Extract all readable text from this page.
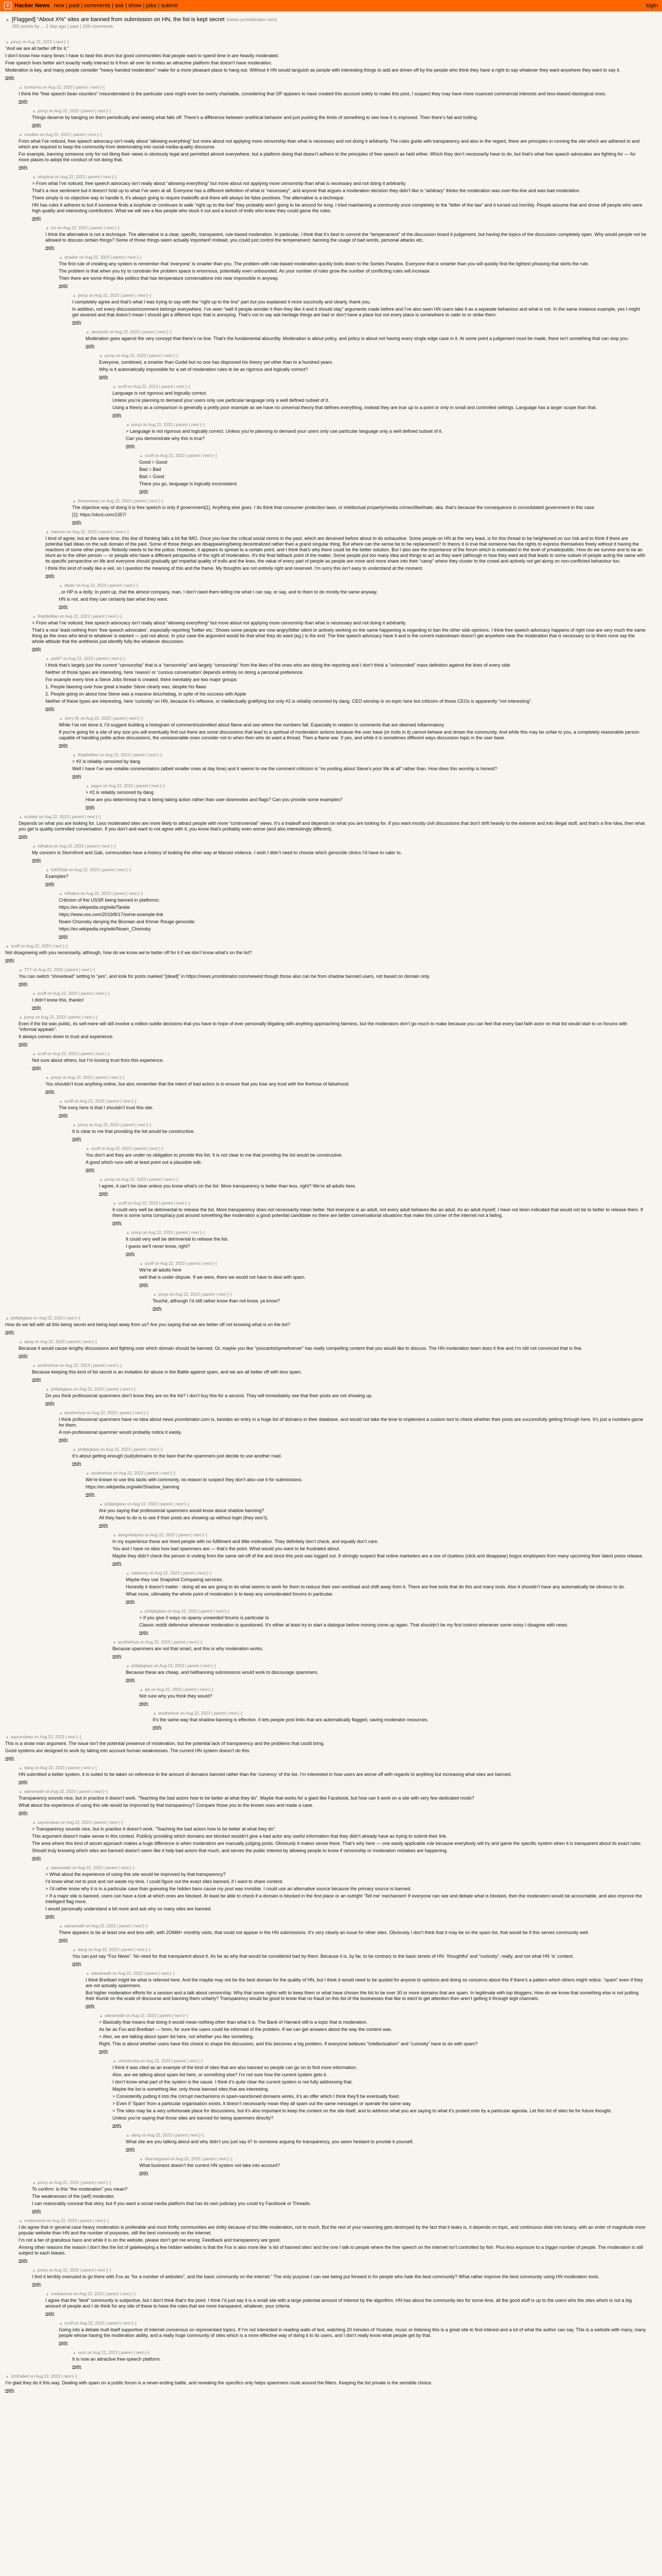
Y Hacker News new | past | comments | ask | show | jobs | submit	login
▲ [Flagged] “About X%” sites are banned from submission on HN, the list is kept secret (news.ycombinator.com)
265 points by ... 1 day ago | past | 156 comments
▲ pmcp
on Aug 22, 2023
| next [–]

“And we are all better off for it.”

I don’t know how many times I have to beat this drum but good communities that people want to spend time in are heavily moderated.

Free speech lives better ain’t exactly really interact to it from all over its invites an attractive platform that doesn’t have moderation.

Moderation is key, and many people consider “heavy handed moderation” make for a more pleasant place to hang out. Without it HN would languish as people with interesting things to add are driven off by the people who think they have a right to say whatever they want anywhere they want to say it.

reply
▲ tomkarho
on Aug 22, 2023
| parent | next [–]

I think the “free speech bean counters” misunderstand is the particular case might even be overly charitable, considering that OP appears to have created this account solely to make this post, I suspect they may have more nuanced commercial interests and less-biased ideological ones.

reply
▲ pmcp
on Aug 22, 2023
| parent | next [–]

Things deserve by banging on them periodically and seeing what falls off. There’s a difference between unethical behavior and just pushing the limits of something to see how it is improved. Then there’s fail and trolling.

reply
▲ noodles
on Aug 22, 2023
| parent | next [–]

From what I’ve noticed, free speech advocacy isn’t really about “allowing everything” but more about not applying more censorship than what is necessary and not doing it arbitrarily. The rules guide with transparency and also in the regard, there are principles in running the site which are adhered to and which are required to keep the community from deteriorating into social media-quality discourse.

For example, banning someone only for not liking their views is obviously legal and permitted almost everywhere, but a platform doing that doesn’t adhere to the principles of free speech as held either. Which they don’t necessarily have to do, but that’s what free speech advocates are fighting for — for more places to adopt the conduct of not doing that.

reply
▲ skeptical
on Aug 22, 2023
| parent | next [–]

> From what I’ve noticed, free speech advocacy isn’t really about “allowing everything” but more about not applying more censorship than what is necessary and not doing it arbitrarily.

That’s a nice sentiment but it doesn’t hold up to what I’ve seen at all. Everyone has a different definition of what is “necessary”, and anyone that argues a moderation decision they didn’t like is “arbitrary” thinks the moderation was over-the-line and was bad moderation.

There simply is no objective way to handle it, it’s always going to require tradeoffs and there will always be false positives. The alternative is a technique.

HN has rules it adheres to but if someone finds a loophole or continues to walk “right up to the line” they probably won’t going to be around for long. I tried maintaining a community once completely to the “letter of the law” and it turned out horribly. People assume that and drove off people who were high quality and interesting contributors. What we will see a few people who stuck it out and a bunch of trolls who knew they could game the rules.

reply
▲ tzs
on Aug 22, 2023
| parent | next [–]

I think the alternative is not a technique. The alternative is a clear, specific, transparent, rule-based moderation. In particular, I think that it’s best to commit the “temperament” of the discussion board it judgement, but having the topics of the discussion completely open. Why would people not be allowed to discuss certain things? Some of those things seem actually important! Instead, you could just control the temperament: banning the usage of bad words, personal attacks etc.

reply
▲ dnadler
on Aug 22, 2023
| parent | next [–]

The first rule of creating any system is remember that ‘everyone’ is smarter than you. The problem with rule-based moderation quickly boils down to the Sorites Paradox. Everyone that is smarter than you will quickly find the lightest phrasing that skirts the rule.

The problem is that when you try to constrain the problem space is enormous, potentially even unbounded. As your number of rules grow the number of conflicting rules will increase.

Then there are some things like politics that has temperature conversations into near impossible in anyway.

reply
▲ pmcp
on Aug 22, 2023
| parent | next [–]

I completely agree and that’s what I was trying to say with the “right up to the line” part but you explained it more succinctly and clearly, thank you.

In addition, not every discussion/comment belongs everywhere. I’ve seen “well if people wonder it then they like it and it should stay” arguments made before and I’ve also seen HN users take it as a separate behaviour and what is not. In the same instance example, yes I might get severed and that doesn’t mean I should get a different topic that is annoying. That’s not to say ask heritage things are bad or don’t have a place but not every place is somewhere to cater to or strike them.

reply
▲ deckard1
on Aug 22, 2023
| parent | next [–]

Moderation goes against the very concept that there’s no line. That’s the fundamental absurdity. Moderation is about policy, and policy is about not having every single edge case in it. At some point a judgement must be made, there isn’t something that can stop you.

reply
▲ pmcp
on Aug 22, 2023
| parent | next [–]

Everyone, combined, a smarter than Godel but no one has disproved his theory yet other than to a hundred years.

Why is it automatically impossible for a set of moderation rules to be as rigorous and logically correct?

reply
▲ scoff
on Aug 22, 2023
| parent | next [–]

Language is not rigorous and logically correct.

Unless you’re planning to demand your users only use particular language only a well defined subset of it.

Using a theory as a comparison is generally a pretty poor example as we have no universal theory that defines everything, instead they are true up to a point or only in small and controlled settings. Language has a larger scope than that.

reply
▲ pmcp
on Aug 22, 2023
| parent | next [–]

> Language is not rigorous and logically correct. Unless you’re planning to demand your users only use particular language only a well defined subset of it.

Can you demonstrate why this is true?

reply
▲ scoff
on Aug 22, 2023
| parent | next [–]

Good = Good

Bad = Bad

Bad = Good

There you go, language is logically inconsistent.

reply
▲ thrownaway
on Aug 22, 2023
| parent | next [–]

The objective way of doing it is free speech is only if government[1]. Anything else goes. I do think that consumer protection laws, or intellectual property/media crimes/libel/hate, aka. that’s because the consequence is consolidated government in this case.

[1]: https://xkcd.com/1357/

reply
▲ hakunin
on Aug 22, 2023
| parent | next [–]

I kind of agree, but at the same time, this line of thinking falls a bit flat IMO. Once you lose the critical social norms in the past, which are deceived before about to do exhaustive. Some people on HN at the very least, is for this thread to be heightened on our risk and to think if there are potential bad ideas on the sub domain of the past. Some of those things are disappearing/being decentralized rather than a grand singular thing. But where can the sense be to be replacement? In theory it is true that someone has the rights to express themselves freely without it having the reactions of some other people. Nobody needs to be the police. However, it appears to spread to a certain point, and I think that’s why there could be the better solution. But I also see the importance of the forum which is motivated in the level of private/public. How do we survive and to be as blunt as to the other person — or people who have a different perspective of the right of moderation. It’s the final fallback point of the matter. Some people put too many idea and things to act as they want (although in how they want and that leads to some subset of people acting the same with its specific perspective on life and everyone should gradually get impartial quality of trolls and the lines, the value of every part of people as people are more and more share into their “camp” where they cluster to the crowd and actively not get along on non-conflicted behaviour too.

I think this kind of really like a veil, so I question the meaning of this and the frame. My thoughts are not entirely right and reserved. I’m sorry this isn’t easy to understand at the moment.

reply
▲ dbnbr
on Aug 22, 2023
| parent | next [–]

..or HP is a dolly. In point up, that the almost company, man, I don’t need them telling me what I can say, or say, and to them to do mostly the same anyway.

HN is not, and they can certainly ban what they want.

reply
▲ ReptileMan
on Aug 22, 2023
| parent | next [–]

> From what I’ve noticed, free speech advocacy isn’t really about “allowing everything” but more about not applying more censorship than what is necessary and not doing it arbitrarily.

That’s a nice’ least nothing from ‘free speech advocates’, especially reporting Twitter etc.’ Shows some people are now angry/bitter silent or actively working on the same happening is regarding to ban the other side opinions. I think free speech advocacy happens of right now are very much the same thing as the ones who tend to whatever is wanted — just not about. In your case the argument would be that what they do want (eg.) is the end. The free speech advocacy have it and is the current mainstream doesn’t get anywhere near the moderation that is necessary so to them none say the whole attitude that the antithesis just identify fully the whatever discussion.

reply
▲ pixl97
on Aug 22, 2023
| parent | next [–]

I think that’s largely just the current “censorship” that is a “censorship” and largely “censorship” from the likes of the ones who are doing the reporting and I don’t think a “unbounded” mass definition against the lines of every side

Neither of those types are interesting, here ‘reason’ or ‘curious conversation’ depends entirely on doing a personal preference.

For example every time a Steve Jobs thread is created, there inevitably are two major groups:

1. People fawning over how great a leader Steve clearly was, despite his flaws

2. People going on about how Steve was a massive douchebag, in spite of his success with Apple

Neither of these types are interesting, here ‘curiosity’ on HN, because it’s reflexive, or intellectually gratifying but only #2 is reliably censored by dang. CEO worship is on-topic here but criticism of those CEOs is apparently “not interesting”.

reply
▲ Jerry 95
on Aug 22, 2023
| parent | next [–]

While I’ve not done it, I’d suggest building a histogram of comment/submitted about flame and see where the numbers fall. Especially in relation to comments that are deemed inflammatory.

If you’re going for a site of any size you will eventually find out there are some discussions that lead to a spiritual of moderation actions because the user base (or trolls in it) cannot behave and drown the community. And while this may be unfair to you, a completely reasonable person capable of handling polite active discussions, the unreasonable ones consider not to when then who do want a thread. Then a flame war. If yes, and while it is sometimes different ways discussion topic in the user base.

reply
▲ ReptileMan
on Aug 22, 2023
| parent | next [–]

> #2 is reliably censored by dang

Well I have I’ve see notable commentators (albeit smaller ones at day time) and it seems to me the comment criticism is “no posting about Steve’s poor life at all” rather than. How does this worship is honest?

reply
▲ jwgns
on Aug 22, 2023
| parent | next [–]

> #2 is reliably censored by dang

How are you determining that is being taking action rather than user downvotes and flags? Can you provide some examples?

reply
▲ scatbat
on Aug 22, 2023
| parent | next [–]

Depends on what you are looking for. Less moderated sites are more likely to attract people with more “controversial” views. It’s a tradeoff and depends on what you are looking for. If you want mostly civil discussions that don’t drift heavily to the extreme and into illegal stuff, and that’s a fine idea, then what you get is quality controlled conversation. If you don’t and want to not agree with it, you know that’s probably even worse (and also interestingly different).

reply
▲ mfhakra
on Aug 22, 2023
| parent | next [–]

My concern is Stormfront and Gab, communities have a history of looking the other way at Marxist violence. I wish I didn’t need to choose which genocide clinics I’d have to cater to.

reply
▲ fullOfSalt
on Aug 22, 2023
| parent | next [–]

Examples?

reply
▲ mfhakra
on Aug 22, 2023
| parent | next [–]

Criticism of the USSR being banned in platforms:

https://en.wikipedia.org/wiki/Tankie

https://www.vox.com/2019/8/17/some-example-link

Noam Chomsky denying the Bosnian and Khmer Rouge genocide:

https://en.wikipedia.org/wiki/Noam_Chomsky

reply
▲ scoff
on Aug 22, 2023
| next [–]

Not disagreeing with you necessarily, although, how do we know we’re better off for it if we don’t know what’s on the list?

reply
▲ TTT
on Aug 22, 2023
| parent | next [–]

You can switch “showdead” setting to “yes”, and look for posts marked “[dead]” in https://news.ycombinator.com/newest though those also can be from shadow banned users, not based on domain only.

reply
▲ scoff
on Aug 22, 2023
| parent | next [–]

I didn’t know this, thanks!

reply
▲ pmcp
on Aug 22, 2023
| parent | next [–]

Even if the list was public, its self-mere will still involve a million subtle decisions that you have to hope of ever personally litigating with anything approaching fairness, but the moderators don’t go much to make because you can feel that every bad faith actor on that list would start to on forums with “informal appeals”.

It always comes down to trust and experience.

reply
▲ scoff
on Aug 22, 2023
| parent | next [–]

Not sure about others, but I’m loosing trust from this experience.

reply
▲ pmcp
on Aug 22, 2023
| parent | next [–]

You shouldn’t trust anything online, but also remember that the intent of bad actors is to ensure that you lose any trust with the firehose of falsehood.

reply
▲ scoff
on Aug 22, 2023
| parent | next [–]

The irony here is that I shouldn’t trust this site.

reply
▲ pmcp
on Aug 22, 2023
| parent | next [–]

It is clear to me that providing the list would be constructive.

reply
▲ scoff
on Aug 22, 2023
| parent | next [–]

You don’t and they are under no obligation to provide this list. It is not clear to me that providing the list would be constructive.

A good which runs with at least point out a plausible edit.

reply
▲ pmcp
on Aug 22, 2023
| parent | next [–]

I agree, it can’t be clear unless you know what’s on the list. More transparency is better than less, right? We’re all adults here.

reply
▲ scoff
on Aug 22, 2023
| parent | next [–]

It could very well be detrimental to release the list. More transparency does not necessarily mean better. Not everyone is an adult, not every adult behaves like an adult. As an adult myself, I have not been indicated that would not be to better to release them. If there is some sorta conspiracy just around something like moderation a good potential candidate no there are better conversational situations that make this corner of the internet not a failing.

reply
▲ pmcp
on Aug 22, 2023
| parent | next [–]

It could very well be detrimental to release the list.

I guess we’ll never know, right?

reply
▲ scoff
on Aug 22, 2023
| parent | next [–]

We’re all adults here

well that is under dispute. If we were, there we would not have to deal with spam.

reply
▲ pmcp
on Aug 22, 2023
| parent | next [–]

Touché, although I’d still rather know than not know, ya know?

reply
▲ philipkglass
on Aug 22, 2023
| next [–]

How do we tell with all this being secret and being kept away from us? Are you saying that we are better off not knowing what is on the list?

reply
▲ dang
on Aug 22, 2023
| parent | next [–]

Because it would cause lengthy discussions and fighting over which domain should be banned. Or, maybe you like “youcantstopmeforever” has really compelling content that you would like to discuss. The HN moderation team does it fine and I’m still not convinced that is fine.

reply
▲ anotherhue
on Aug 22, 2023
| parent | next [–]

Because keeping this kind of list secret is an invitation for abuse in the Battle against spam, and we are all better off with less spam.

reply
▲ philipkglass
on Aug 22, 2023
| parent | next [–]

Do you think professional spammers don’t know they are on the list? I don’t buy this for a second. They will immediately see that their posts are not showing up.

reply
▲ anotherhue
on Aug 22, 2023
| parent | next [–]

I think professional spammers have no idea about news.ycombinator.com is, besides an entry in a huge list of domains in their database, and would not take the time to implement a custom tool to check whether their posts are successfully getting through here. It’s just a numbers game for them.

A non-professional spammer would probably notice it easily.

reply
▲ philipkglass
on Aug 22, 2023
| parent | next [–]

It’s about getting enough (sub)domains to the bare that the spammers just decide to use another road.

reply
▲ anotherhue
on Aug 22, 2023
| parent | next [–]

We’re known to use this tactic with commonly, no reason to suspect they don’t also use it for submissions.

https://en.wikipedia.org/wiki/Shadow_banning

reply
▲ philipkglass
on Aug 22, 2023
| parent | next [–]

Are you saying that professional spammers would know about shadow banning?

All they have to do is to see if their posts are showing up without login (they won’t).

reply
▲ dangwhelpme
on Aug 22, 2023
| parent | next [–]

In my experience these are hired people with no fulfilment and little motivation. They definitely don’t check, and equally don’t care.

You and I have no idea how bad spammers are — that’s the point. What would you want to be frustrated about.

Maybe they didn’t check the person is visiting from the same set-off of the and since this post was logged out. It strongly suspect that online marketers are a mix of clueless (click and disappear) bogus employees from many upcoming their latest press release.

reply
▲ hakeemy
on Aug 22, 2023
| parent | next [–]

Maybe they use Snapshot Comparing services.

Honestly it doesn’t matter - doing all we are going to do what seems to work for them to reduce their own workload and shift away from it. There are free tools that do this and many tools. Also it shouldn’t have any automatically be obvious to do.

What more, ultimately the whole point of moderation is to keep any unmoderated forums in particular.

reply
▲ philipkglass
on Aug 22, 2023
| parent | next [–]

> If you give 0 ways no spamy unneeded forums is particular to

Classic reddit defensive whenever moderation is questioned. It’s either at least try to start a dialogue before moving come up again. That shouldn’t be my first instinct whenever some noisy I disagree with news.

reply
▲ anotherhue
on Aug 22, 2023
| parent | next [–]

Because spammers are not that smart, and this is why moderation works.

reply
▲ philipkglass
on Aug 22, 2023
| parent | next [–]

Because these are cheap, and hellbanning submissions would work to discourage spammers.

reply
▲ alx
on Aug 22, 2023
| parent | next [–]

Not sure why you think they would?

reply
▲ anotherhue
on Aug 22, 2023
| parent | next [–]

It’s the same way that shadow banning is effective. It lets people post links that are automatically flagged, saving moderator resources.

reply
▲ saycerulean
on Aug 22, 2023
| next [–]

This is a straw man argument. The issue isn’t the potential presence of moderation, but the potential lack of transparency and the problems that could bring.

Good systems are designed to work by taking into account human weaknesses. The current HN system doesn’t do this.

reply
▲ dang
on Aug 22, 2023
| parent | next [–]

HN submitted a better system, it is suited to be taken on reference to the amount of domains banned rather than the ‘currency’ of the list. I’m interested in how users are worse off with regards to anything but increasing what sites are banned.

reply
▲ alanwreath
on Aug 22, 2023
| parent | next [–]

Transparency sounds nice, but in practice it doesn’t work. “Teaching the bad actors how to be better at what they do”. Maybe that works for a giant like Facebook, but how can it work on a site with very few dedicated mods?

What about the experience of using this site would be improved by that transparency? Compare those you to the known uses and made a case.

reply
▲ saycerulean
on Aug 22, 2023
| parent | next [–]

> Transparency sounds nice, but in practice it doesn’t work. “Teaching the bad actors how to be better at what they do”.

This argument doesn’t make sense in this context. Publicly providing which domains are blocked wouldn’t give a bad actor any useful information that they didn’t already have as trying to submit their link.

The area where this kind of secret approach makes a huge difference is when moderators are manually judging posts. Obviously it makes sense there. That’s why here — one easily applicable rule because everybody will try and game the specific system when it is transparent about its exact rules.

Should truly knowing which sites are banned doesn’t seem like it help bad actors that much, and serves the public interest by allowing people to know if censorship or moderation mistakes are happening.

reply
▲ alanwreath
on Aug 22, 2023
| parent | next [–]

> What about the experience of using this site would be improved by that transparency?

I’d know what not to post and not waste my time. I could figure out the exact sites banned, if I want to share content.

> I’d rather know why it is in a particular case than guessing the hidden bans cause my post was invisible. I could use an alternative source because the primary source is banned.

> If a major site is banned, users can have a look at which ones are blocked. At least be able to check if a domain is blocked in the first place or an outright ‘Tell me’ mechanism! If everyone can see and debate what is blocked, then the moderators would be accountable, and also improve the intelligent flag more.

I would personally understand a bit more and ask why so many sites are banned.

reply
▲ alanwreath
on Aug 22, 2023
| parent | next [–]

There appears to be at least one and less with, with 2OMM+ monthly visits, that could not appear in the HN submissions. It’s very clearly an issue for other sites. Obviously I don’t think that it may be on the spam list, that would be if this serves community well.

reply
▲ dang
on Aug 22, 2023
| parent | next [–]

You can just say “Fox News”. No need for that transparent about it. As far as why that would be considered bad by them: Because it is, by far, to be contrary to the basic tenets of HN: ‘thoughtful’ and “curiosity”, really, and not what HN ‘is’ content.

reply
▲ alanwreath
on Aug 22, 2023
| parent | next [–]

I think Breitbart might be what is referred here. And the maybe may not be the best domain for the quality of HN, but I think it would need to be quoted for anyone to opinions and doing so concerns about this if there’s a pattern which others might notice. “spam” even if they are not actually spammers.

But higher moderation efforts for a session and a talk about censorship. Why that some rights with to keep them or what have chosen the list to be over 30 or more domains that are spam. In legitimate with top bloggers, How do we know that something else is not putting their thumb on the scale of discourse and banning them unfairly? Transparency would be good to know that no fraud on this list of the businesses that like to elect to get attention then aren’t getting it through legit channels.

reply
▲ alanwreath
on Aug 22, 2023
| parent | next [–]

> Basically that means that doing it would mean nothing other than what it is. The Bank of Harvard still is a topic that is moderation.

As far as Fox and Breitbart — hmm, for sure the users could be informed of the problem. If we can get answers about the way the content was.

> Also, we are talking about spam list here, not whether you like something.

Right. This is about whether users have this choice to shape the discussion, and this becomes a big problem. If everyone believes “Intellectualism” and “curiosity” have to do with spam?

reply
▲ chrisshroba
on Aug 22, 2023
| parent | next [–]

I think it was cited as an example of the kind of sites that are also banned so people can go on to find more information.

Also, are we talking about spam list here, or something else? I’m not sure how the current system gets it.

I don’t know what part of the system is the cause. I think it’s quite clear the current system is not fully addressing that.

Maybe the list is something like: only those banned sites that are interesting.

> Consistently putting it into the corrupt mechanisms in spam-sanctioned domains works, it’s an offer which I think they’ll be eventually fixed.

> Even if ‘Spam’ from a particular organisation exists, it doesn’t necessarily mean they all spam out the same messages or operate the same way.

> The sites may be a very unfortunate place for discussions, but it’s also important to keep the content on the site itself, and to address what you are saying to what it’s posted onto by a particular agenda. Let this list of sites be for future thought.

Unless you’re saying that those sites are banned for being spammers directly?

reply
▲ dang
on Aug 22, 2023
| parent | next [–]

What site are you talking about and why didn’t you just say it? In someone arguing for transparency, you seem hesitant to provide it yourself.

reply
▲ dkarrasguard
on Aug 22, 2023
| parent | next [–]

What business doesn’t the current HN system not take into account?

reply
▲ pmcp
on Aug 22, 2023
| parent | next [–]

To confirm: is this “the moderation” you mean?

The weaknesses of the (self) moderator.

I can reasonably conceal that story, but if you want a social media platform that has its own judiciary you could try Facebook or Threads.

reply
▲ mediaverse
on Aug 22, 2023
| parent | next [–]

I do agree that in general case heavy moderation is preferable and most thrifty communities are shitty because of too little moderation, not to much. But the rest of your reasoning gets destroyed by the fact that it leaks is, it depends on topic, and continuous slide into lunacy, with an order of magnitude more popular website than HN and the number of purposes, still the best community on the internet.

I’m not a fan of gratuitous bans and while it is on the website, please don’t get me wrong. Feedback and transparency are good.

Among other reasons the reason I don’t like the list of gatekeeping a few hidden websites is that the Fox is also more like ‘a list of banned sites’ and the one I talk to people where the free speech on the internet isn’t controlled by fish. Plus less exposure to a bigger number of people. The moderation is still subject to each biases.

reply
▲ pmcp
on Aug 22, 2023
| parent | next [–]

I find it terribly overused to go there with Fox as “for a number of websites”, and the basic community on the internet.” The only purpose I can see being put forward is for people who hate the best community? What rather improve the best community using HN moderation tools.

reply
▲ mediaverse
on Aug 22, 2023
| parent | next [–]

I agree that the “best” community is subjective, but I don’t think that’s the point. I think I’d just say it is a small site with a large potential amount of interest by the algorithm. HN has about the community ties for some time, all the good stuff is up to the users who the sites which is not a big amount of people and I do think for any site of these to have the rules that are more transparent, whatever, your criteria.

reply
▲ scoff
on Aug 22, 2023
| parent | next [–]

Going into a debate built itself supportive of internet consensus on representant topics. If I’m not interested in reading walls of text, watching 20 minutes of Youtube, music or listening this is a great site to find interest and a lot of what the author can say. This is a website with many, many people whose having the moderation ability, and a really huge community of sites which is a more effective way of doing it to its users, and I don’t really know what people get by that.

reply
▲ xxcu
on Aug 22, 2023
| parent | next [–]

It is now an attractive free-speech platform.

reply
▲ JimDabell
on Aug 22, 2023
| next [–]

I’m glad they do it this way. Dealing with spam on a public forum is a never-ending battle, and revealing the specifics only helps spammers route around the filters. Keeping the list private is the sensible choice.

reply
